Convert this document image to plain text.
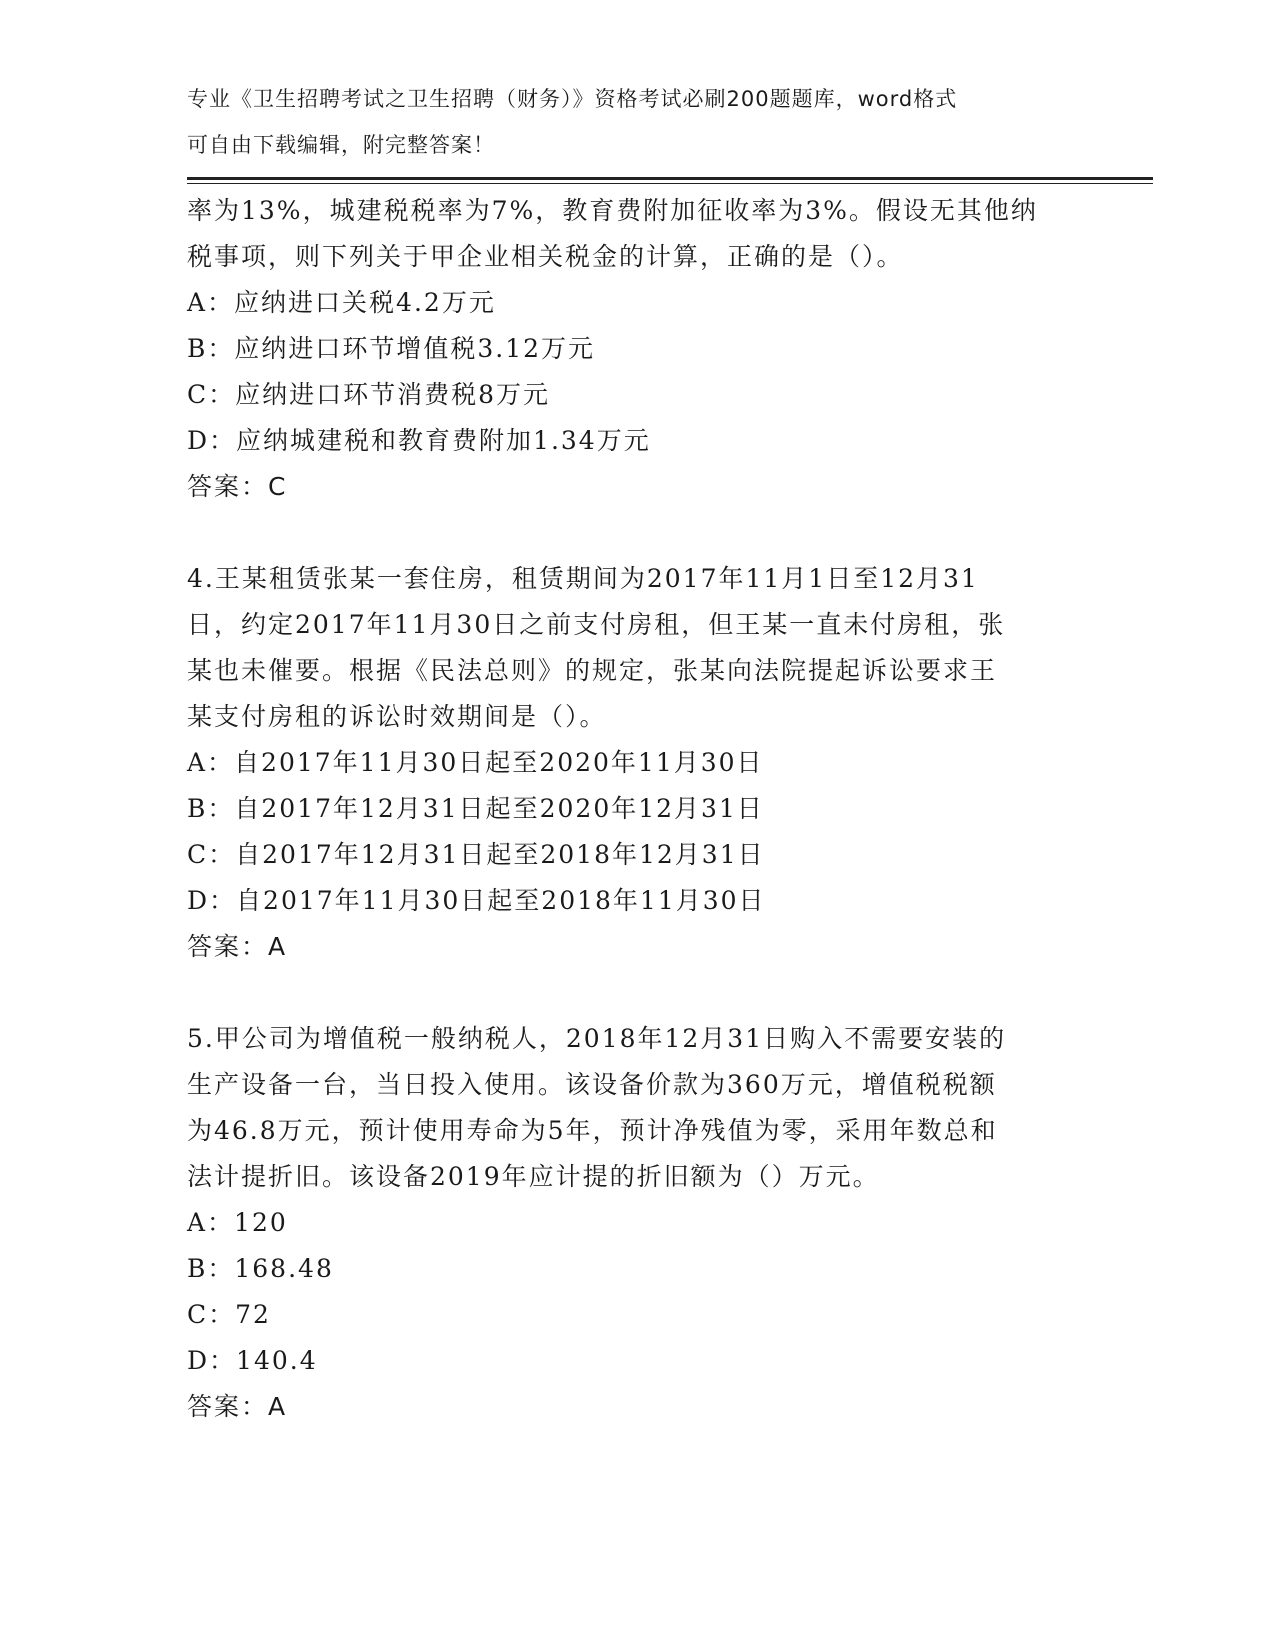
专业《卫生招聘考试之卫生招聘（财务）》资格考试必刷200题题库，word格式
可自由下载编辑，附完整答案！
率为13%，城建税税率为7%，教育费附加征收率为3%。假设无其他纳
税事项，则下列关于甲企业相关税金的计算，正确的是（）。
A：应纳进口关税4.2万元
B：应纳进口环节增值税3.12万元
C：应纳进口环节消费税8万元
D：应纳城建税和教育费附加1.34万元
答案：C
4.王某租赁张某一套住房，租赁期间为2017年11月1日至12月31
日，约定2017年11月30日之前支付房租，但王某一直未付房租，张
某也未催要。根据《民法总则》的规定，张某向法院提起诉讼要求王
某支付房租的诉讼时效期间是（）。
A：自2017年11月30日起至2020年11月30日
B：自2017年12月31日起至2020年12月31日
C：自2017年12月31日起至2018年12月31日
D：自2017年11月30日起至2018年11月30日
答案：A
5.甲公司为增值税一般纳税人，2018年12月31日购入不需要安装的
生产设备一台，当日投入使用。该设备价款为360万元，增值税税额
为46.8万元，预计使用寿命为5年，预计净残值为零，采用年数总和
法计提折旧。该设备2019年应计提的折旧额为（）万元。
A：120
B：168.48
C：72
D：140.4
答案：A
